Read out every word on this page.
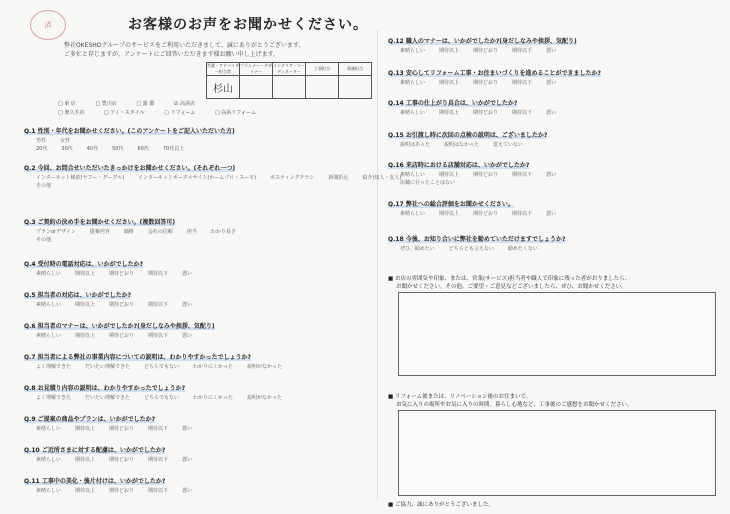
済	お客様のお声をお聞かせください。
弊社OKESHOグループのサービスをご利用いただきまして、誠にありがとうございます。
ご多忙と存じますが、アンケートにご回答いただきます様お願い申し上げます。
営業・アドバイザー担当者	プランナー・デザイナー	インテリア・コーディネーター	工事担当	事務担当
杉山				
□ 東 店	□ 豊川店	□ 蒲 郡	☑ 高浜店
□ 奥久手店	□ アイ・スタイル	□ リフォーム	□ 高浜リフォーム
Q.1 性別・年代をお聞かせください。(このアンケートをご記入いただいた方)
男性	女性
20代	30代	40代	50代	60代	70代以上
Q.2 今回、お問合せいただいたきっかけをお聞かせください。(それぞれ一つ)
インターネット検索(ヤフー・グーグル)	インターネットポータルサイト(ホームプロ・スーモ)	ポスティングチラシ	新聞折込	紹介(知人・友人)
その他
Q.3 ご契約の決め手をお聞かせください。(複数回答可)
プランorデザイン	提案内容	価格	会社の信頼	担当	わかり易さ
その他
Q.4 受付時の電話対応は、いかがでしたか?
素晴らしい	期待以上	期待どおり	期待以下	悪い
Q.5 担当者の対応は、いかがでしたか?
素晴らしい	期待以上	期待どおり	期待以下	悪い
Q.6 担当者のマナーは、いかがでしたか?(身だしなみや挨拶、気配り)
素晴らしい	期待以上	期待どおり	期待以下	悪い
Q.7 担当者による弊社の事業内容についての説明は、わかりやすかったでしょうか?
よく理解できた	だいたい理解できた	どちらでもない	わかりにくかった	説明がなかった
Q.8 お見積り内容の説明は、わかりやすかったでしょうか?
よく理解できた	だいたい理解できた	どちらでもない	わかりにくかった	説明がなかった
Q.9 ご提案の商品やプランは、いかがでしたか?
素晴らしい	期待以上	期待どおり	期待以下	悪い
Q.10 ご近所さまに対する配慮は、いかがでしたか?
素晴らしい	期待以上	期待どおり	期待以下	悪い
Q.11 工事中の美化・後片付けは、いかがでしたか?
素晴らしい	期待以上	期待どおり	期待以下	悪い
Q.12 職人のマナーは、いかがでしたか?(身だしなみや挨拶、気配り)
素晴らしい	期待以上	期待どおり	期待以下	悪い
Q.13 安心してリフォーム工事・お住まいづくりを進めることができましたか?
素晴らしい	期待以上	期待どおり	期待以下	悪い
Q.14 工事の仕上がり具合は、いかがでしたか?
素晴らしい	期待以上	期待どおり	期待以下	悪い
Q.15 お引渡し時に次回の点検の説明は、ございましたか?
説明はあった	説明はなかった	覚えていない
Q.16 来店時における店舗対応は、いかがでしたか?
素晴らしい	期待以上	期待どおり	期待以下	悪い
店舗に行ったことはない
Q.17 弊社への総合評価をお聞かせください。
素晴らしい	期待以上	期待どおり	期待以下	悪い
Q.18 今後、お知り合いに弊社を勧めていただけますでしょうか?
ぜひ、勧めたい	どちらとも言えない	勧めたくない
■ お店の雰囲気や印象、または、営業(サービス)担当者や職人で印象に残った者がおりましたら、
お聞かせください。その他、ご要望・ご意見などございましたら、ぜひ、お聞かせください。
■ リフォーム後または、リノベーション後のお住まいで、
お気に入りの場所やお気に入りの時間、暮らし心地など、工事後のご感想をお聞かせください。
■ ご協力、誠にありがとうございました。
